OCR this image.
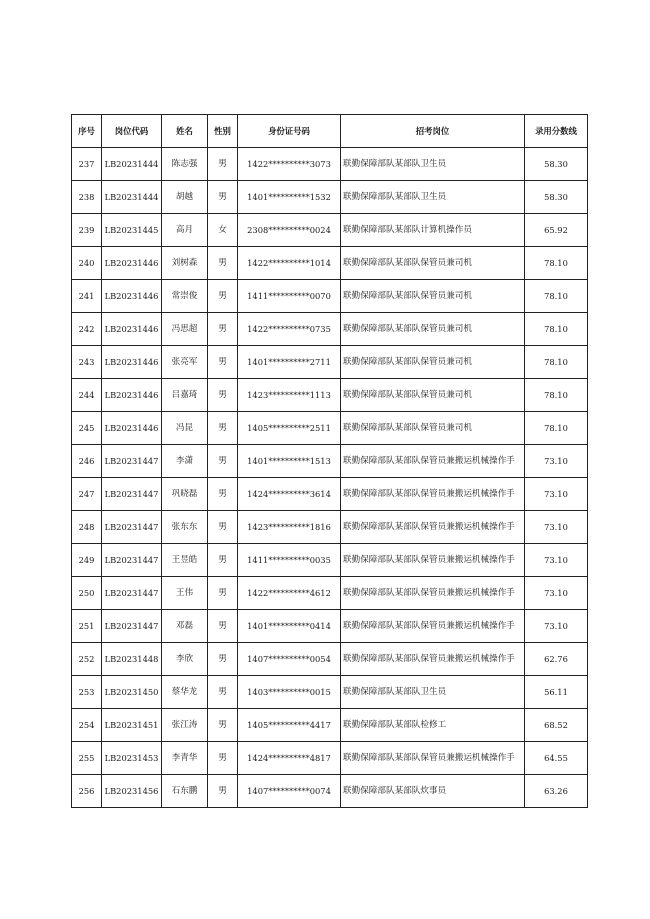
序号	岗位代码	姓名	性别	身份证号码	招考岗位	录用分数线
237	LB20231444	陈志强	男	1422**********3073	联勤保障部队某部队卫生员	58.30
238	LB20231444	胡越	男	1401**********1532	联勤保障部队某部队卫生员	58.30
239	LB20231445	高月	女	2308**********0024	联勤保障部队某部队计算机操作员	65.92
240	LB20231446	刘树森	男	1422**********1014	联勤保障部队某部队保管员兼司机	78.10
241	LB20231446	常崇俊	男	1411**********0070	联勤保障部队某部队保管员兼司机	78.10
242	LB20231446	冯思超	男	1422**********0735	联勤保障部队某部队保管员兼司机	78.10
243	LB20231446	张亮军	男	1401**********2711	联勤保障部队某部队保管员兼司机	78.10
244	LB20231446	吕嘉琦	男	1423**********1113	联勤保障部队某部队保管员兼司机	78.10
245	LB20231446	冯昆	男	1405**********2511	联勤保障部队某部队保管员兼司机	78.10
246	LB20231447	李潇	男	1401**********1513	联勤保障部队某部队保管员兼搬运机械操作手	73.10
247	LB20231447	巩晓磊	男	1424**********3614	联勤保障部队某部队保管员兼搬运机械操作手	73.10
248	LB20231447	张东东	男	1423**********1816	联勤保障部队某部队保管员兼搬运机械操作手	73.10
249	LB20231447	王昱皓	男	1411**********0035	联勤保障部队某部队保管员兼搬运机械操作手	73.10
250	LB20231447	王伟	男	1422**********4612	联勤保障部队某部队保管员兼搬运机械操作手	73.10
251	LB20231447	邓磊	男	1401**********0414	联勤保障部队某部队保管员兼搬运机械操作手	73.10
252	LB20231448	李欣	男	1407**********0054	联勤保障部队某部队保管员兼搬运机械操作手	62.76
253	LB20231450	蔡华龙	男	1403**********0015	联勤保障部队某部队卫生员	56.11
254	LB20231451	张江涛	男	1405**********4417	联勤保障部队某部队检修工	68.52
255	LB20231453	李青华	男	1424**********4817	联勤保障部队某部队保管员兼搬运机械操作手	64.55
256	LB20231456	石东鹏	男	1407**********0074	联勤保障部队某部队炊事员	63.26
